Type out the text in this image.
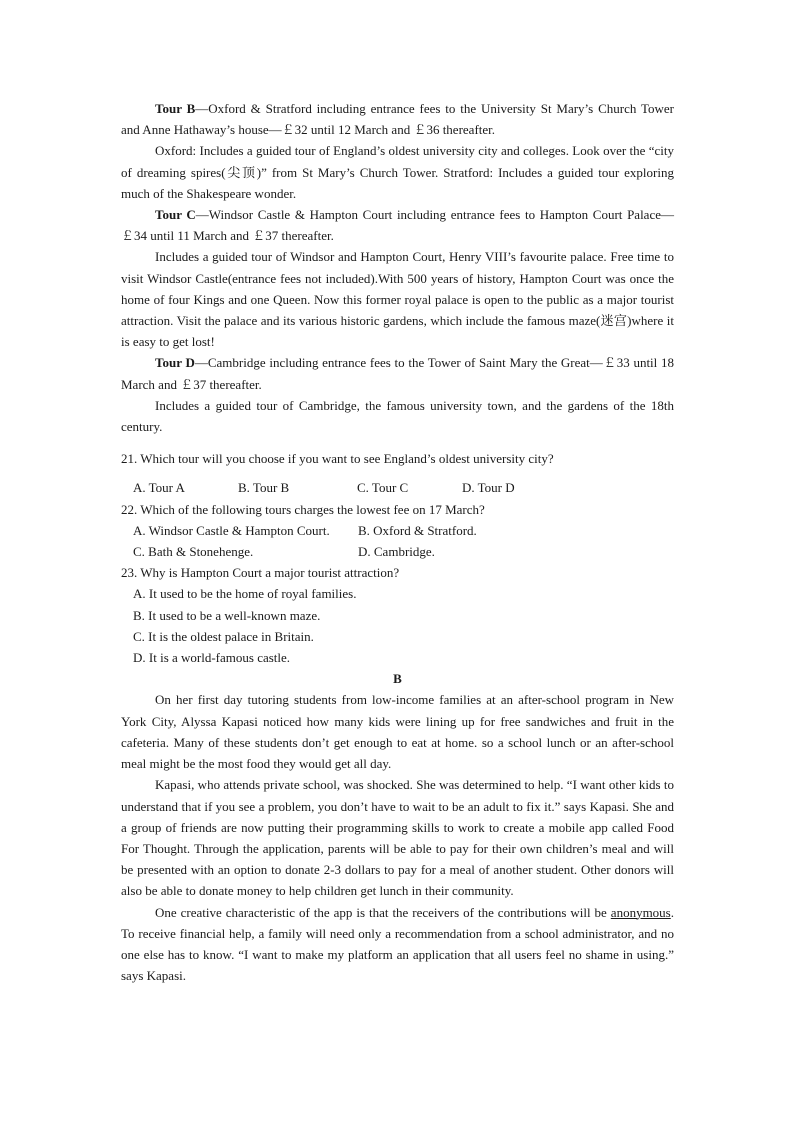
Tour B—Oxford & Stratford including entrance fees to the University St Mary’s Church Tower and Anne Hathaway’s house—￡32 until 12 March and ￡36 thereafter.

Oxford: Includes a guided tour of England’s oldest university city and colleges. Look over the “city of dreaming spires(尖顶)” from St Mary’s Church Tower. Stratford: Includes a guided tour exploring much of the Shakespeare wonder.

Tour C—Windsor Castle & Hampton Court including entrance fees to Hampton Court Palace—￡34 until 11 March and ￡37 thereafter.

Includes a guided tour of Windsor and Hampton Court, Henry VIII’s favourite palace. Free time to visit Windsor Castle(entrance fees not included).With 500 years of history, Hampton Court was once the home of four Kings and one Queen. Now this former royal palace is open to the public as a major tourist attraction. Visit the palace and its various historic gardens, which include the famous maze(迷宫)where it is easy to get lost!

Tour D—Cambridge including entrance fees to the Tower of Saint Mary the Great—￡33 until 18 March and ￡37 thereafter.

Includes a guided tour of Cambridge, the famous university town, and the gardens of the 18th century.

21. Which tour will you choose if you want to see England’s oldest university city?

A. Tour A	B. Tour B	C. Tour C	D. Tour D

22. Which of the following tours charges the lowest fee on 17 March?

A. Windsor Castle & Hampton Court.	B. Oxford & Stratford.
C. Bath & Stonehenge.	D. Cambridge.

23. Why is Hampton Court a major tourist attraction?

A. It used to be the home of royal families.
B. It used to be a well-known maze.
C. It is the oldest palace in Britain.
D. It is a world-famous castle.

B

On her first day tutoring students from low-income families at an after-school program in New York City, Alyssa Kapasi noticed how many kids were lining up for free sandwiches and fruit in the cafeteria. Many of these students don’t get enough to eat at home. so a school lunch or an after-school meal might be the most food they would get all day.

Kapasi, who attends private school, was shocked. She was determined to help. “I want other kids to understand that if you see a problem, you don’t have to wait to be an adult to fix it.” says Kapasi. She and a group of friends are now putting their programming skills to work to create a mobile app called Food For Thought. Through the application, parents will be able to pay for their own children’s meal and will be presented with an option to donate 2-3 dollars to pay for a meal of another student. Other donors will also be able to donate money to help children get lunch in their community.

One creative characteristic of the app is that the receivers of the contributions will be anonymous. To receive financial help, a family will need only a recommendation from a school administrator, and no one else has to know. “I want to make my platform an application that all users feel no shame in using.” says Kapasi.
